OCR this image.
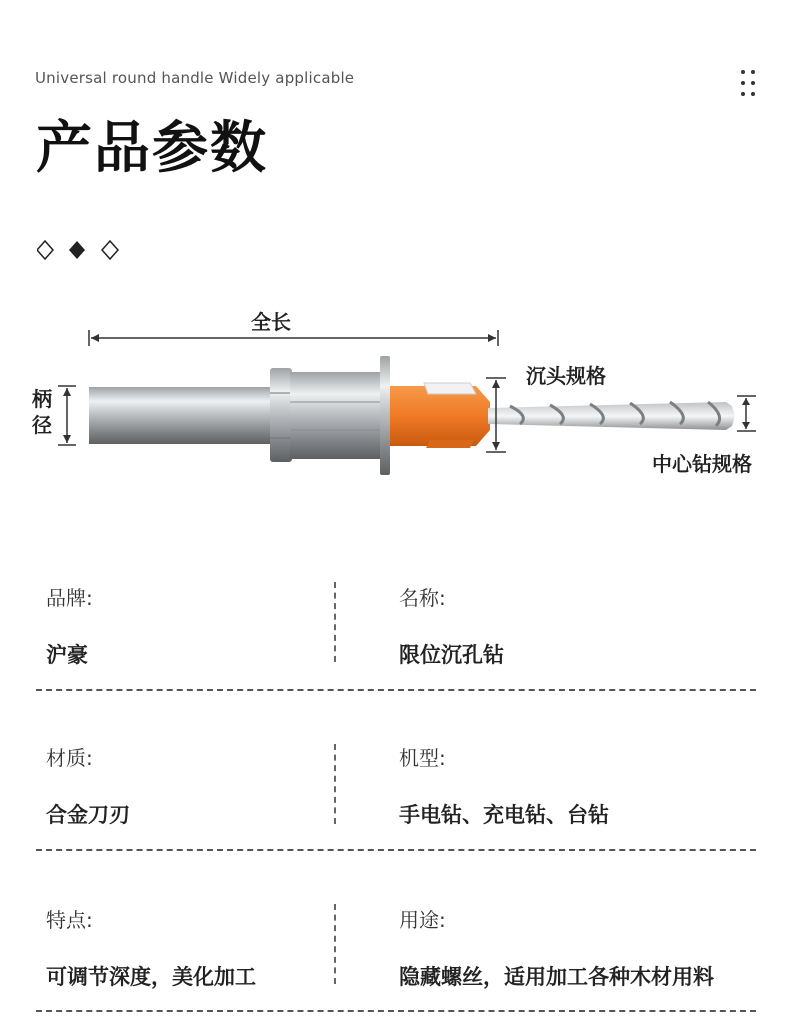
Universal round handle Widely applicable
产品参数
全长
柄径
沉头规格
中心钻规格
品牌:
沪豪
名称:
限位沉孔钻
材质:
合金刀刃
机型:
手电钻、充电钻、台钻
特点:
可调节深度，美化加工
用途:
隐藏螺丝，适用加工各种木材用料
